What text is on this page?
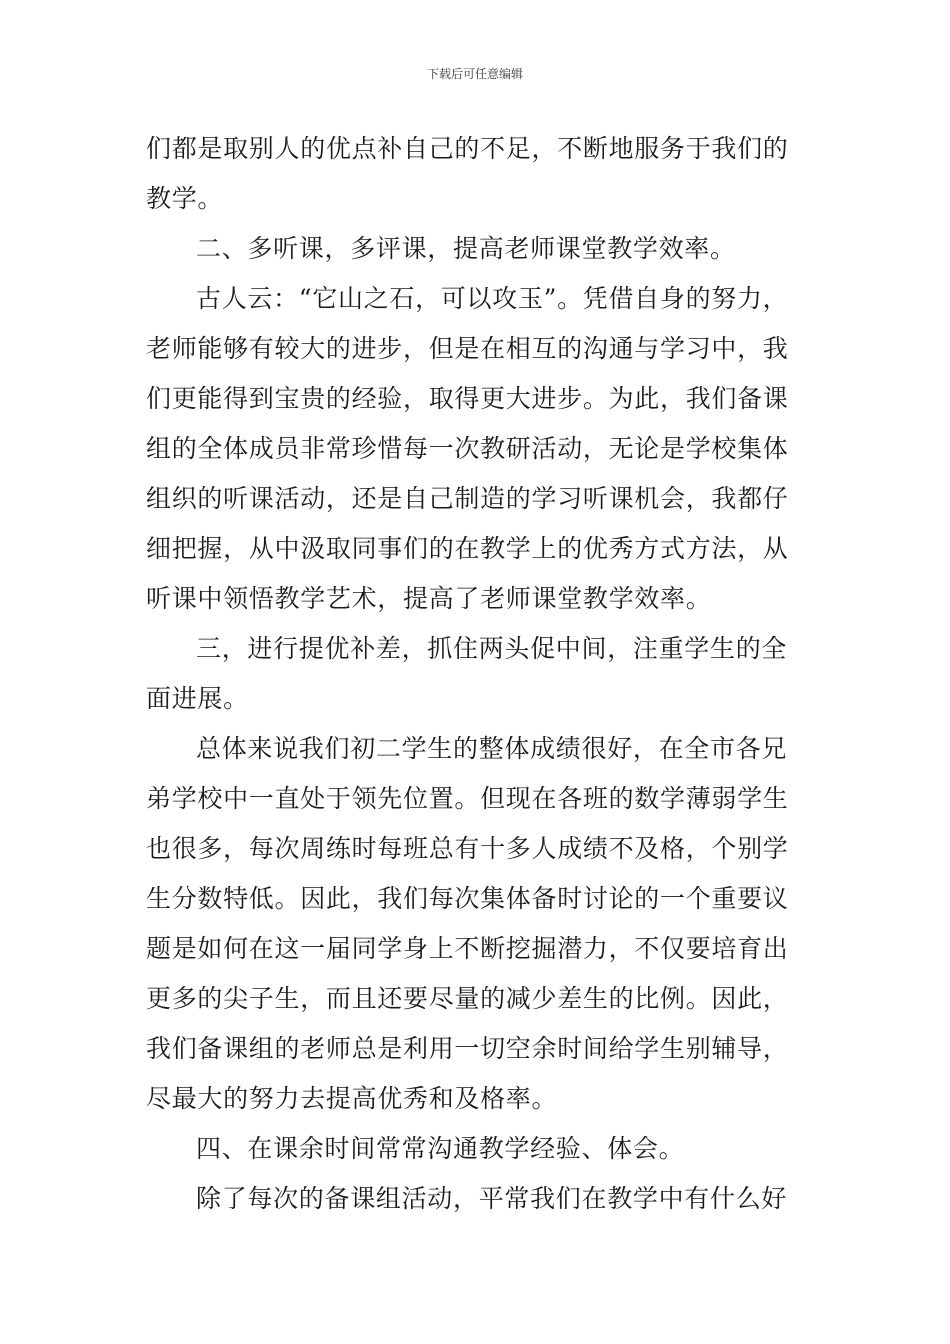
下载后可任意编辑
们都是取别人的优点补自己的不足，不断地服务于我们的
教学。
二、多听课，多评课，提高老师课堂教学效率。
古人云：“它山之石，可以攻玉”。凭借自身的努力，
老师能够有较大的进步，但是在相互的沟通与学习中，我
们更能得到宝贵的经验，取得更大进步。为此，我们备课
组的全体成员非常珍惜每一次教研活动，无论是学校集体
组织的听课活动，还是自己制造的学习听课机会，我都仔
细把握，从中汲取同事们的在教学上的优秀方式方法，从
听课中领悟教学艺术，提高了老师课堂教学效率。
三，进行提优补差，抓住两头促中间，注重学生的全
面进展。
总体来说我们初二学生的整体成绩很好，在全市各兄
弟学校中一直处于领先位置。但现在各班的数学薄弱学生
也很多，每次周练时每班总有十多人成绩不及格，个别学
生分数特低。因此，我们每次集体备时讨论的一个重要议
题是如何在这一届同学身上不断挖掘潜力，不仅要培育出
更多的尖子生，而且还要尽量的减少差生的比例。因此，
我们备课组的老师总是利用一切空余时间给学生别辅导，
尽最大的努力去提高优秀和及格率。
四、在课余时间常常沟通教学经验、体会。
除了每次的备课组活动，平常我们在教学中有什么好
